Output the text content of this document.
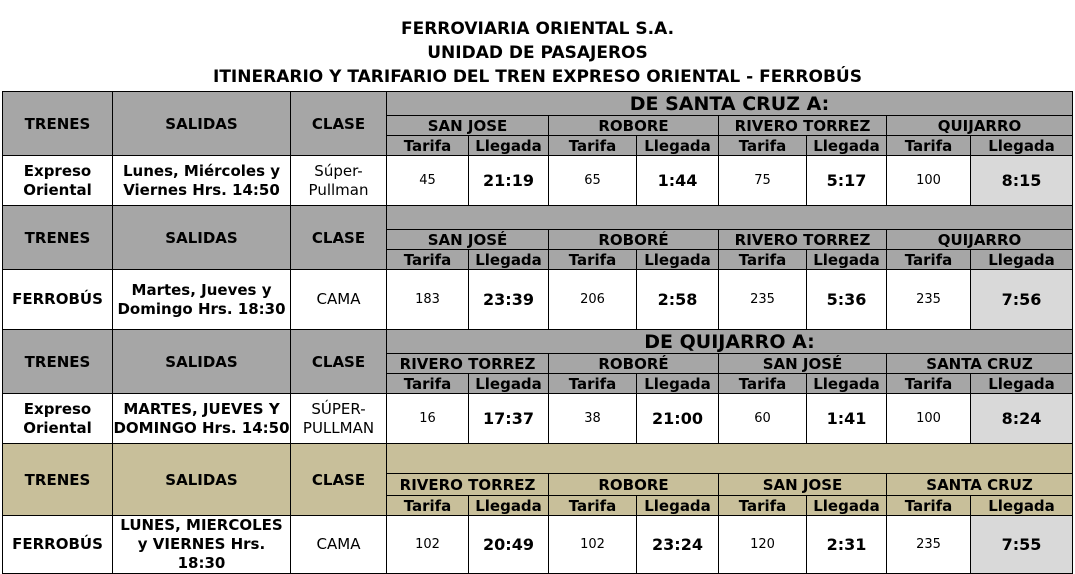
FERROVIARIA ORIENTAL S.A.
UNIDAD DE PASAJEROS
ITINERARIO Y TARIFARIO DEL TREN EXPRESO ORIENTAL - FERROBÚS
TRENES	SALIDAS	CLASE	DE SANTA CRUZ A:							
			SAN JOSE		ROBORE		RIVERO TORREZ		QUIJARRO	
			Tarifa	Llegada	Tarifa	Llegada	Tarifa	Llegada	Tarifa	Llegada
Expreso Oriental	Lunes, Miércoles y Viernes Hrs. 14:50	Súper-Pullman	45	21:19	65	1:44	75	5:17	100	8:15
TRENES	SALIDAS	CLASE								
			SAN JOSÉ		ROBORÉ		RIVERO TORREZ		QUIJARRO	
			Tarifa	Llegada	Tarifa	Llegada	Tarifa	Llegada	Tarifa	Llegada
FERROBÚS	Martes, Jueves y Domingo Hrs. 18:30	CAMA	183	23:39	206	2:58	235	5:36	235	7:56
TRENES	SALIDAS	CLASE	DE QUIJARRO A:							
			RIVERO TORREZ		ROBORÉ		SAN JOSÉ		SANTA CRUZ	
			Tarifa	Llegada	Tarifa	Llegada	Tarifa	Llegada	Tarifa	Llegada
Expreso Oriental	MARTES, JUEVES Y DOMINGO Hrs. 14:50	SÚPER-PULLMAN	16	17:37	38	21:00	60	1:41	100	8:24
TRENES	SALIDAS	CLASE								
			RIVERO TORREZ		ROBORE		SAN JOSE		SANTA CRUZ	
			Tarifa	Llegada	Tarifa	Llegada	Tarifa	Llegada	Tarifa	Llegada
FERROBÚS	LUNES, MIERCOLES y VIERNES Hrs. 18:30	CAMA	102	20:49	102	23:24	120	2:31	235	7:55
